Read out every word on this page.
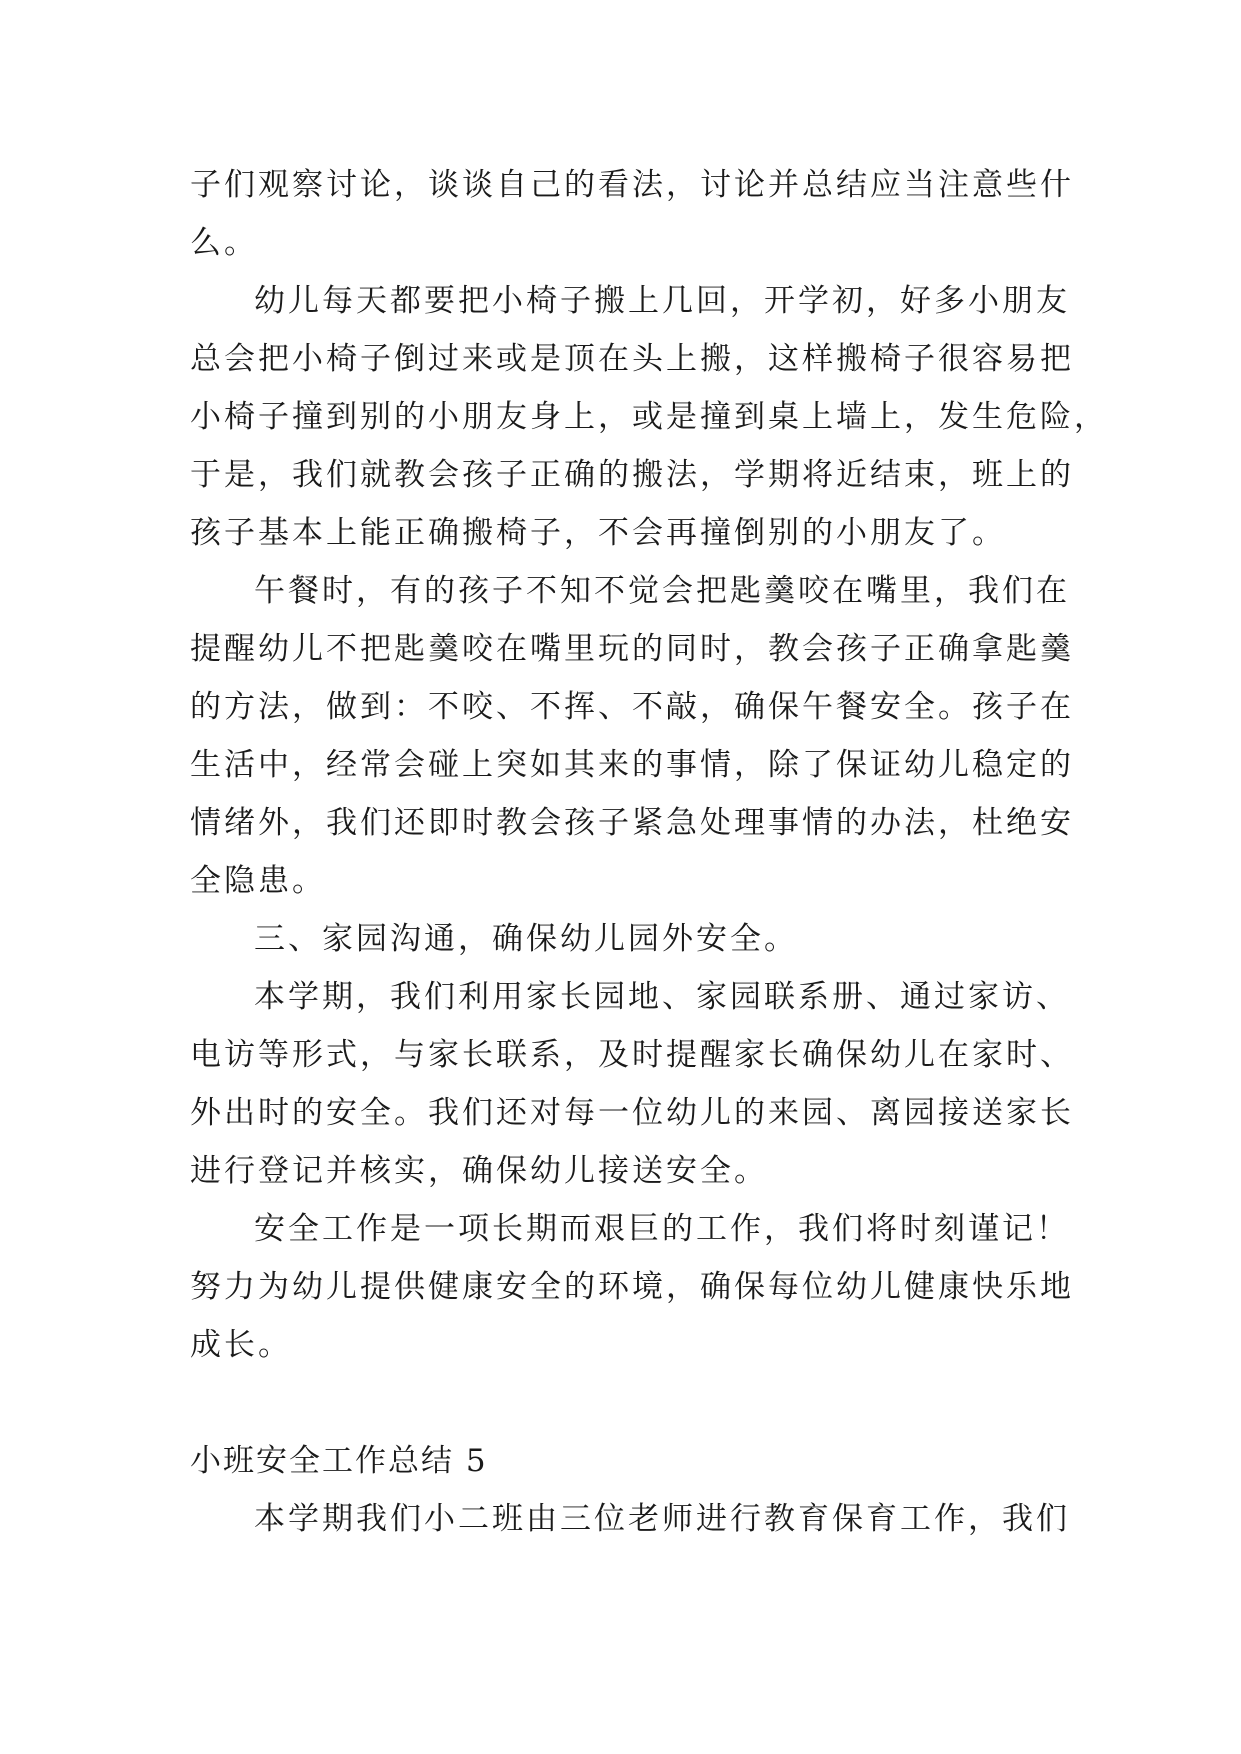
子们观察讨论，谈谈自己的看法，讨论并总结应当注意些什
么。
幼儿每天都要把小椅子搬上几回，开学初，好多小朋友
总会把小椅子倒过来或是顶在头上搬，这样搬椅子很容易把
小椅子撞到别的小朋友身上，或是撞到桌上墙上，发生危险，
于是，我们就教会孩子正确的搬法，学期将近结束，班上的
孩子基本上能正确搬椅子，不会再撞倒别的小朋友了。
午餐时，有的孩子不知不觉会把匙羹咬在嘴里，我们在
提醒幼儿不把匙羹咬在嘴里玩的同时，教会孩子正确拿匙羹
的方法，做到：不咬、不挥、不敲，确保午餐安全。孩子在
生活中，经常会碰上突如其来的事情，除了保证幼儿稳定的
情绪外，我们还即时教会孩子紧急处理事情的办法，杜绝安
全隐患。
三、家园沟通，确保幼儿园外安全。
本学期，我们利用家长园地、家园联系册、通过家访、
电访等形式，与家长联系，及时提醒家长确保幼儿在家时、
外出时的安全。我们还对每一位幼儿的来园、离园接送家长
进行登记并核实，确保幼儿接送安全。
安全工作是一项长期而艰巨的工作，我们将时刻谨记！
努力为幼儿提供健康安全的环境，确保每位幼儿健康快乐地
成长。
小班安全工作总结 5
本学期我们小二班由三位老师进行教育保育工作，我们
